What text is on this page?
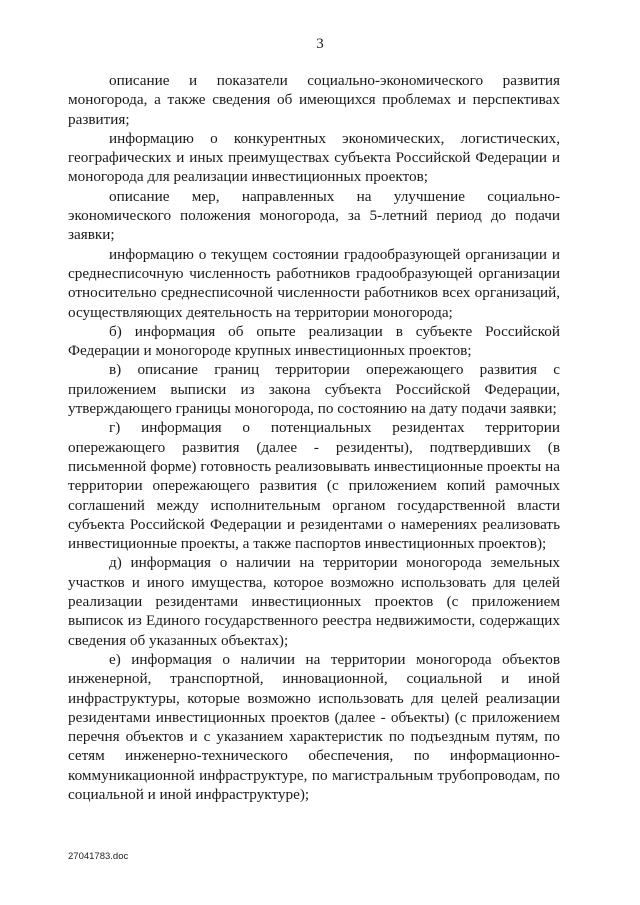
3

описание и показатели социально-экономического развития моногорода, а также сведения об имеющихся проблемах и перспективах развития;

информацию о конкурентных экономических, логистических, географических и иных преимуществах субъекта Российской Федерации и моногорода для реализации инвестиционных проектов;

описание мер, направленных на улучшение социально-экономического положения моногорода, за 5-летний период до подачи заявки;

информацию о текущем состоянии градообразующей организации и среднесписочную численность работников градообразующей организации относительно среднесписочной численности работников всех организаций, осуществляющих деятельность на территории моногорода;

б) информация об опыте реализации в субъекте Российской Федерации и моногороде крупных инвестиционных проектов;

в) описание границ территории опережающего развития с приложением выписки из закона субъекта Российской Федерации, утверждающего границы моногорода, по состоянию на дату подачи заявки;

г) информация о потенциальных резидентах территории опережающего развития (далее - резиденты), подтвердивших (в письменной форме) готовность реализовывать инвестиционные проекты на территории опережающего развития (с приложением копий рамочных соглашений между исполнительным органом государственной власти субъекта Российской Федерации и резидентами о намерениях реализовать инвестиционные проекты, а также паспортов инвестиционных проектов);

д) информация о наличии на территории моногорода земельных участков и иного имущества, которое возможно использовать для целей реализации резидентами инвестиционных проектов (с приложением выписок из Единого государственного реестра недвижимости, содержащих сведения об указанных объектах);

е) информация о наличии на территории моногорода объектов инженерной, транспортной, инновационной, социальной и иной инфраструктуры, которые возможно использовать для целей реализации резидентами инвестиционных проектов (далее - объекты) (с приложением перечня объектов и с указанием характеристик по подъездным путям, по сетям инженерно-технического обеспечения, по информационно-коммуникационной инфраструктуре, по магистральным трубопроводам, по социальной и иной инфраструктуре);

27041783.doc
